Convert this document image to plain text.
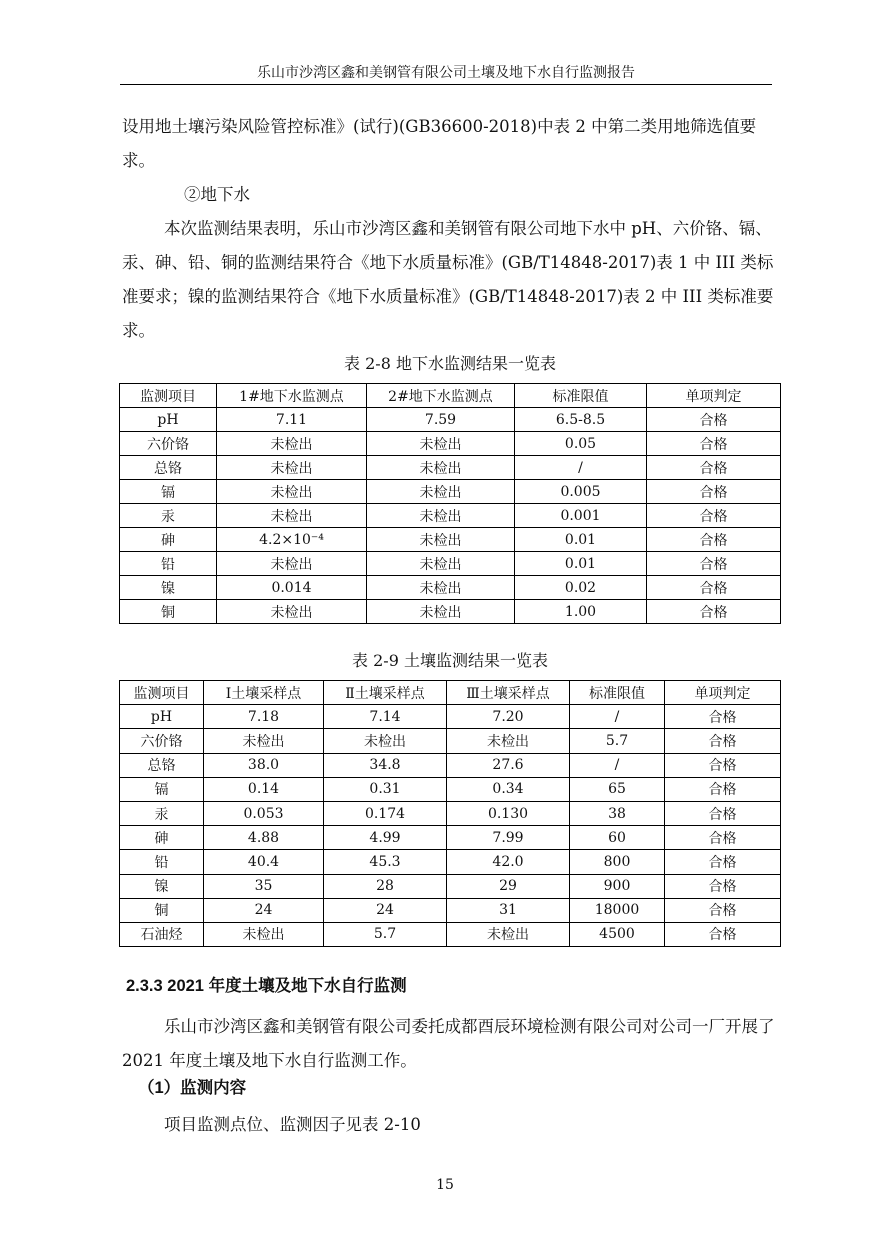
乐山市沙湾区鑫和美钢管有限公司土壤及地下水自行监测报告

设用地土壤污染风险管控标准》(试行)(GB36600-2018)中表 2 中第二类用地筛选值要求。

②地下水

本次监测结果表明，乐山市沙湾区鑫和美钢管有限公司地下水中 pH、六价铬、镉、汞、砷、铅、铜的监测结果符合《地下水质量标准》(GB/T14848-2017)表 1 中 III 类标准要求；镍的监测结果符合《地下水质量标准》(GB/T14848-2017)表 2 中 III 类标准要求。

表 2-8 地下水监测结果一览表
监测项目	1#地下水监测点	2#地下水监测点	标准限值	单项判定
pH	7.11	7.59	6.5-8.5	合格
六价铬	未检出	未检出	0.05	合格
总铬	未检出	未检出	/	合格
镉	未检出	未检出	0.005	合格
汞	未检出	未检出	0.001	合格
砷	4.2×10⁻⁴	未检出	0.01	合格
铅	未检出	未检出	0.01	合格
镍	0.014	未检出	0.02	合格
铜	未检出	未检出	1.00	合格
表 2-9 土壤监测结果一览表
监测项目	Ⅰ土壤采样点	Ⅱ土壤采样点	Ⅲ土壤采样点	标准限值	单项判定
pH	7.18	7.14	7.20	/	合格
六价铬	未检出	未检出	未检出	5.7	合格
总铬	38.0	34.8	27.6	/	合格
镉	0.14	0.31	0.34	65	合格
汞	0.053	0.174	0.130	38	合格
砷	4.88	4.99	7.99	60	合格
铅	40.4	45.3	42.0	800	合格
镍	35	28	29	900	合格
铜	24	24	31	18000	合格
石油烃	未检出	5.7	未检出	4500	合格
2.3.3 2021 年度土壤及地下水自行监测

乐山市沙湾区鑫和美钢管有限公司委托成都酉辰环境检测有限公司对公司一厂开展了 2021 年度土壤及地下水自行监测工作。

（1）监测内容

项目监测点位、监测因子见表 2-10

15
